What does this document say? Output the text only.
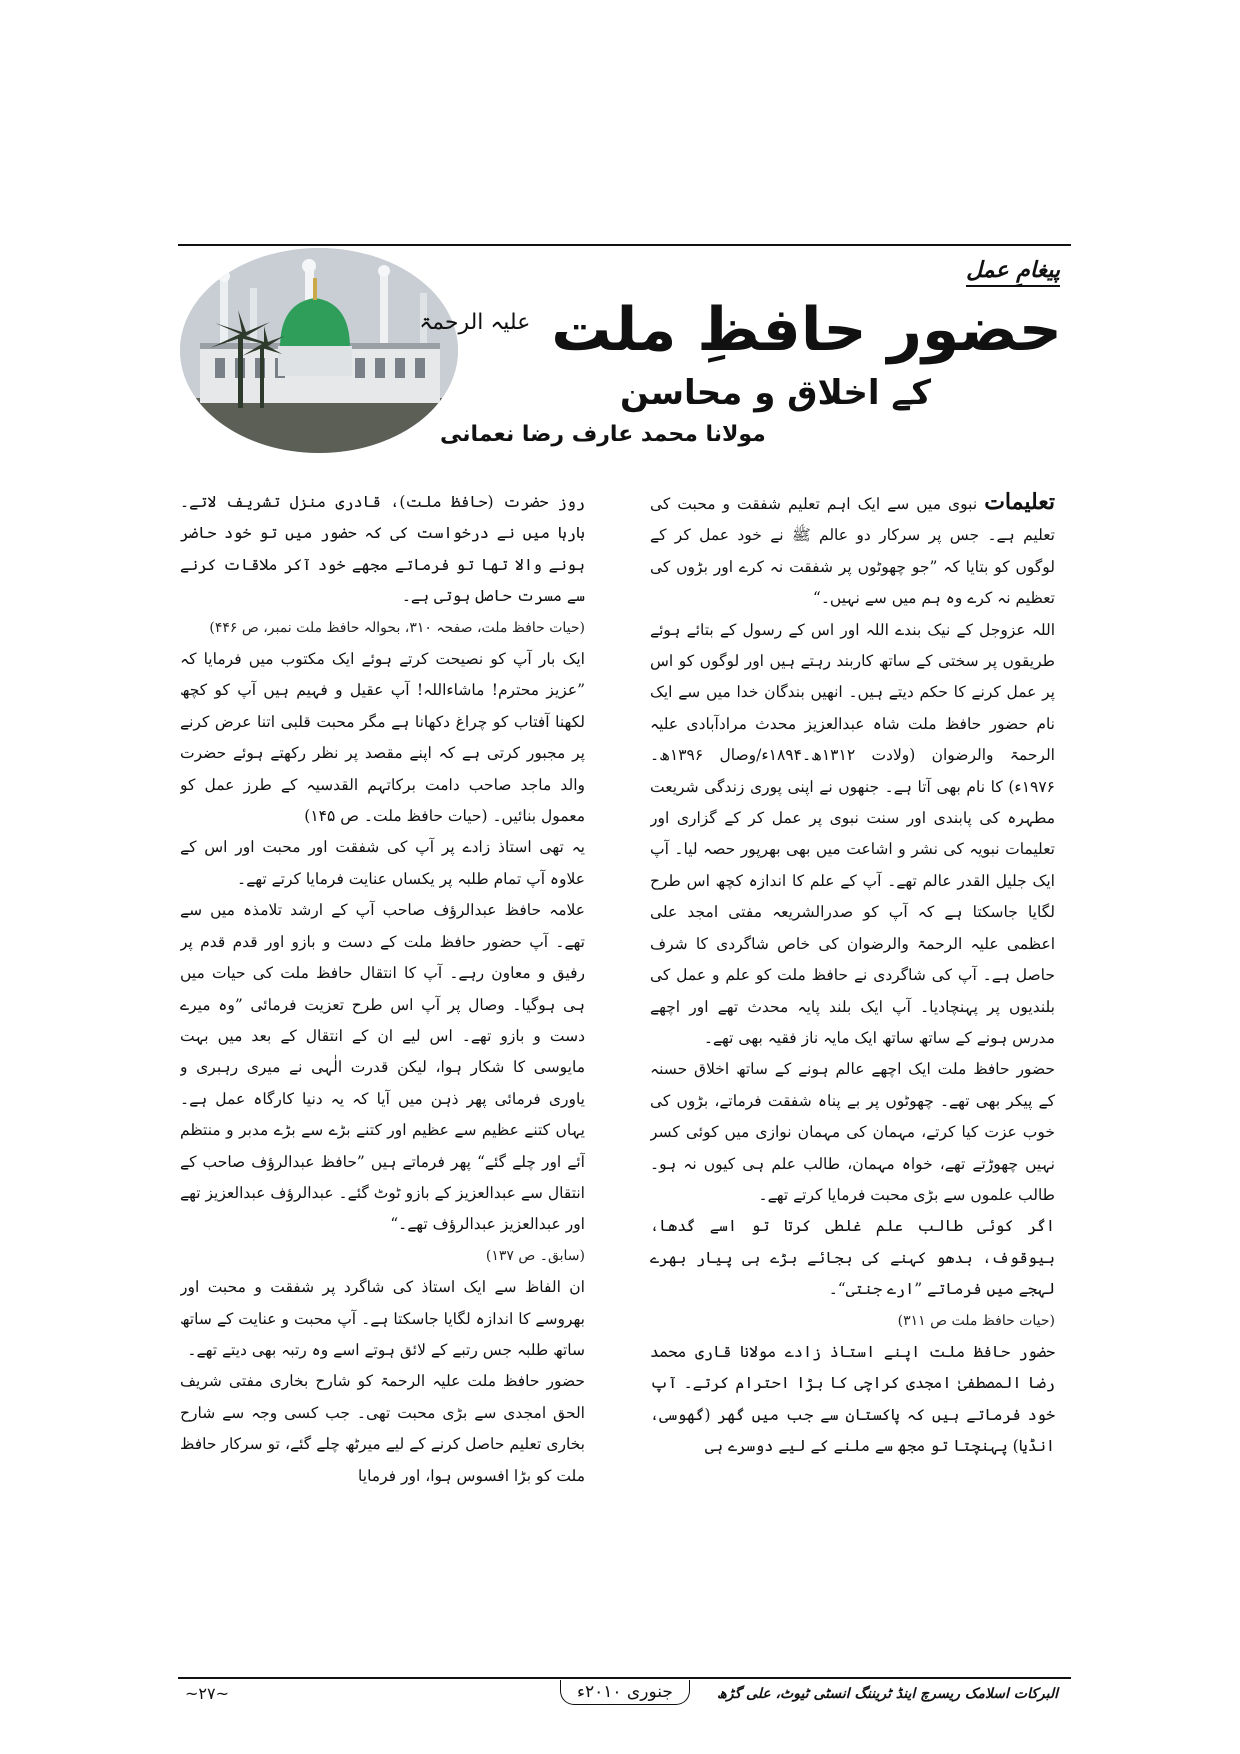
پیغامِ عمل
حضور حافظِ ملت $^{علیہ الرحمۃ}$
کے اخلاق و محاسن
مولانا محمد عارف رضا نعمانی

تعلیمات نبوی میں سے ایک اہم تعلیم شفقت و محبت کی تعلیم ہے۔ جس پر سرکار دو عالم ﷺ نے خود عمل کر کے لوگوں کو بتایا کہ ”جو چھوٹوں پر شفقت نہ کرے اور بڑوں کی تعظیم نہ کرے وہ ہم میں سے نہیں۔“

اللہ عزوجل کے نیک بندے اللہ اور اس کے رسول کے بتائے ہوئے طریقوں پر سختی کے ساتھ کاربند رہتے ہیں اور لوگوں کو اس پر عمل کرنے کا حکم دیتے ہیں۔ انھیں بندگان خدا میں سے ایک نام حضور حافظ ملت شاہ عبدالعزیز محدث مرادآبادی علیہ الرحمۃ والرضوان (ولادت ۱۳۱۲ھ۔۱۸۹۴ء/وصال ۱۳۹۶ھ۔۱۹۷۶ء) کا نام بھی آتا ہے۔ جنھوں نے اپنی پوری زندگی شریعت مطہرہ کی پابندی اور سنت نبوی پر عمل کر کے گزاری اور تعلیمات نبویہ کی نشر و اشاعت میں بھی بھرپور حصہ لیا۔ آپ ایک جلیل القدر عالم تھے۔ آپ کے علم کا اندازہ کچھ اس طرح لگایا جاسکتا ہے کہ آپ کو صدرالشریعہ مفتی امجد علی اعظمی علیہ الرحمۃ والرضوان کی خاص شاگردی کا شرف حاصل ہے۔ آپ کی شاگردی نے حافظ ملت کو علم و عمل کی بلندیوں پر پہنچادیا۔ آپ ایک بلند پایہ محدث تھے اور اچھے مدرس ہونے کے ساتھ ساتھ ایک مایہ ناز فقیہ بھی تھے۔

حضور حافظ ملت ایک اچھے عالم ہونے کے ساتھ اخلاق حسنہ کے پیکر بھی تھے۔ چھوٹوں پر بے پناہ شفقت فرماتے، بڑوں کی خوب عزت کیا کرتے، مہمان کی مہمان نوازی میں کوئی کسر نہیں چھوڑتے تھے، خواہ مہمان، طالب علم ہی کیوں نہ ہو۔ طالب علموں سے بڑی محبت فرمایا کرتے تھے۔

اگر کوئی طالب علم غلطی کرتا تو اسے گدھا، بیوقوف، بدھو کہنے کی بجائے بڑے ہی پیار بھرے لہجے میں فرماتے ”ارے جنتی“۔

(حیات حافظ ملت ص ۳۱۱)

حضور حافظ ملت اپنے استاذ زادے مولانا قاری محمد رضا المصطفیٰ امجدی کراچی کا بڑا احترام کرتے۔ آپ خود فرماتے ہیں کہ پاکستان سے جب میں گھر (گھوسی، انڈیا) پہنچتا تو مجھ سے ملنے کے لیے دوسرے ہی

روز حضرت (حافظ ملت)، قادری منزل تشریف لاتے۔ بارہا میں نے درخواست کی کہ حضور میں تو خود حاضر ہونے والا تھا تو فرماتے مجھے خود آکر ملاقات کرنے سے مسرت حاصل ہوتی ہے۔

(حیات حافظ ملت، صفحہ ۳۱۰، بحوالہ حافظ ملت نمبر، ص ۴۴۶)

ایک بار آپ کو نصیحت کرتے ہوئے ایک مکتوب میں فرمایا کہ ”عزیز محترم! ماشاءاللہ! آپ عقیل و فہیم ہیں آپ کو کچھ لکھنا آفتاب کو چراغ دکھانا ہے مگر محبت قلبی اتنا عرض کرنے پر مجبور کرتی ہے کہ اپنے مقصد پر نظر رکھتے ہوئے حضرت والد ماجد صاحب دامت برکاتہم القدسیہ کے طرز عمل کو معمول بنائیں۔ (حیات حافظ ملت۔ ص ۱۴۵)

یہ تھی استاذ زادے پر آپ کی شفقت اور محبت اور اس کے علاوہ آپ تمام طلبہ پر یکساں عنایت فرمایا کرتے تھے۔

علامہ حافظ عبدالرؤف صاحب آپ کے ارشد تلامذہ میں سے تھے۔ آپ حضور حافظ ملت کے دست و بازو اور قدم قدم پر رفیق و معاون رہے۔ آپ کا انتقال حافظ ملت کی حیات میں ہی ہوگیا۔ وصال پر آپ اس طرح تعزیت فرمائی ”وہ میرے دست و بازو تھے۔ اس لیے ان کے انتقال کے بعد میں بہت مایوسی کا شکار ہوا، لیکن قدرت الٰہی نے میری رہبری و یاوری فرمائی پھر ذہن میں آیا کہ یہ دنیا کارگاہ عمل ہے۔ یہاں کتنے عظیم سے عظیم اور کتنے بڑے سے بڑے مدبر و منتظم آئے اور چلے گئے“ پھر فرماتے ہیں ”حافظ عبدالرؤف صاحب کے انتقال سے عبدالعزیز کے بازو ٹوٹ گئے۔ عبدالرؤف عبدالعزیز تھے اور عبدالعزیز عبدالرؤف تھے۔“

(سابق۔ ص ۱۳۷)

ان الفاظ سے ایک استاذ کی شاگرد پر شفقت و محبت اور بھروسے کا اندازہ لگایا جاسکتا ہے۔ آپ محبت و عنایت کے ساتھ ساتھ طلبہ جس رتبے کے لائق ہوتے اسے وہ رتبہ بھی دیتے تھے۔

حضور حافظ ملت علیہ الرحمۃ کو شارح بخاری مفتی شریف الحق امجدی سے بڑی محبت تھی۔ جب کسی وجہ سے شارح بخاری تعلیم حاصل کرنے کے لیے میرٹھ چلے گئے، تو سرکار حافظ ملت کو بڑا افسوس ہوا، اور فرمایا

~۲۷~	جنوری ۲۰۱۰ء	البرکات اسلامک ریسرچ اینڈ ٹریننگ انسٹی ٹیوٹ، علی گڑھ
